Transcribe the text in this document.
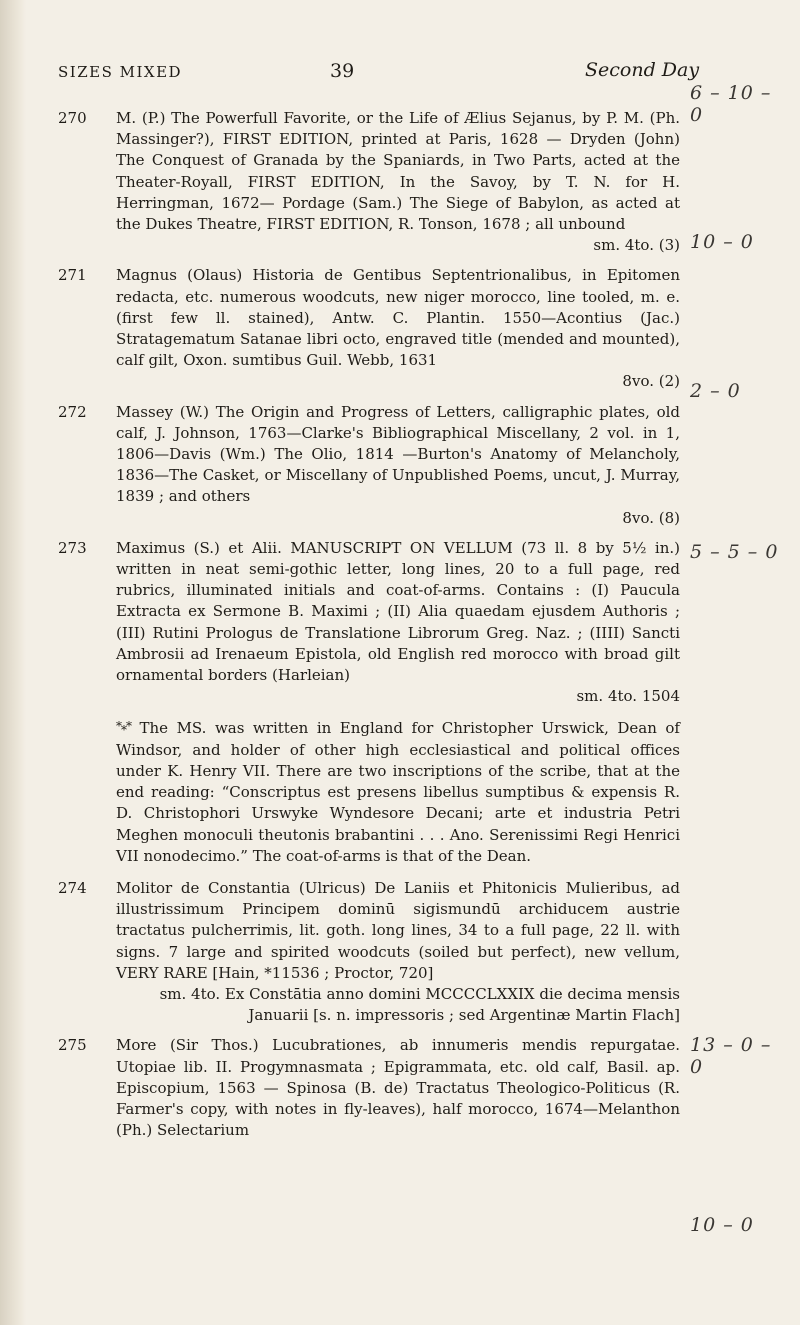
SIZES MIXED	39	Second Day
270 M. (P.) The Powerfull Favorite, or the Life of Ælius Sejanus, by P. M. (Ph. Massinger?), FIRST EDITION, printed at Paris, 1628 — Dryden (John) The Conquest of Granada by the Spaniards, in Two Parts, acted at the Theater-Royall, FIRST EDITION, In the Savoy, by T. N. for H. Herringman, 1672— Pordage (Sam.) The Siege of Babylon, as acted at the Dukes Theatre, FIRST EDITION, R. Tonson, 1678 ; all unbound
sm. 4to. (3)
271 Magnus (Olaus) Historia de Gentibus Septentrionalibus, in Epitomen redacta, etc. numerous woodcuts, new niger morocco, line tooled, m. e. (first few ll. stained), Antw. C. Plantin. 1550—Acontius (Jac.) Stratagematum Satanae libri octo, engraved title (mended and mounted), calf gilt, Oxon. sumtibus Guil. Webb, 1631
8vo. (2)
272 Massey (W.) The Origin and Progress of Letters, calligraphic plates, old calf, J. Johnson, 1763—Clarke's Bibliographical Miscellany, 2 vol. in 1, 1806—Davis (Wm.) The Olio, 1814 —Burton's Anatomy of Melancholy, 1836—The Casket, or Miscellany of Unpublished Poems, uncut, J. Murray, 1839 ; and others
8vo. (8)
273 Maximus (S.) et Alii. MANUSCRIPT ON VELLUM (73 ll. 8 by 5½ in.) written in neat semi-gothic letter, long lines, 20 to a full page, red rubrics, illuminated initials and coat-of-arms. Contains : (I) Paucula Extracta ex Sermone B. Maximi ; (II) Alia quaedam ejusdem Authoris ; (III) Rutini Prologus de Translatione Librorum Greg. Naz. ; (IIII) Sancti Ambrosii ad Irenaeum Epistola, old English red morocco with broad gilt ornamental borders (Harleian)
sm. 4to. 1504
*⁎* The MS. was written in England for Christopher Urswick, Dean of Windsor, and holder of other high ecclesiastical and political offices under K. Henry VII. There are two inscriptions of the scribe, that at the end reading: “Conscriptus est presens libellus sumptibus & expensis R. D. Christophori Urswyke Wyndesore Decani; arte et industria Petri Meghen monoculi theutonis brabantini . . . Ano. Serenissimi Regi Henrici VII nonodecimo.” The coat-of-arms is that of the Dean.
274 Molitor de Constantia (Ulricus) De Laniis et Phitonicis Mulieribus, ad illustrissimum Principem dominū sigismundū archiducem austrie tractatus pulcherrimis, lit. goth. long lines, 34 to a full page, 22 ll. with signs. 7 large and spirited woodcuts (soiled but perfect), new vellum, VERY RARE [Hain, *11536 ; Proctor, 720]
sm. 4to. Ex Constātia anno domini MCCCCLXXIX die decima mensis Januarii [s. n. impressoris ; sed Argentinæ Martin Flach]
275 More (Sir Thos.) Lucubrationes, ab innumeris mendis repurgatae. Utopiae lib. II. Progymnasmata ; Epigrammata, etc. old calf, Basil. ap. Episcopium, 1563 — Spinosa (B. de) Tractatus Theologico-Politicus (R. Farmer's copy, with notes in fly-leaves), half morocco, 1674—Melanthon (Ph.) Selectarium
6 – 10 – 0
10 – 0
2 – 0
5 – 5 – 0
13 – 0 – 0
10 – 0
